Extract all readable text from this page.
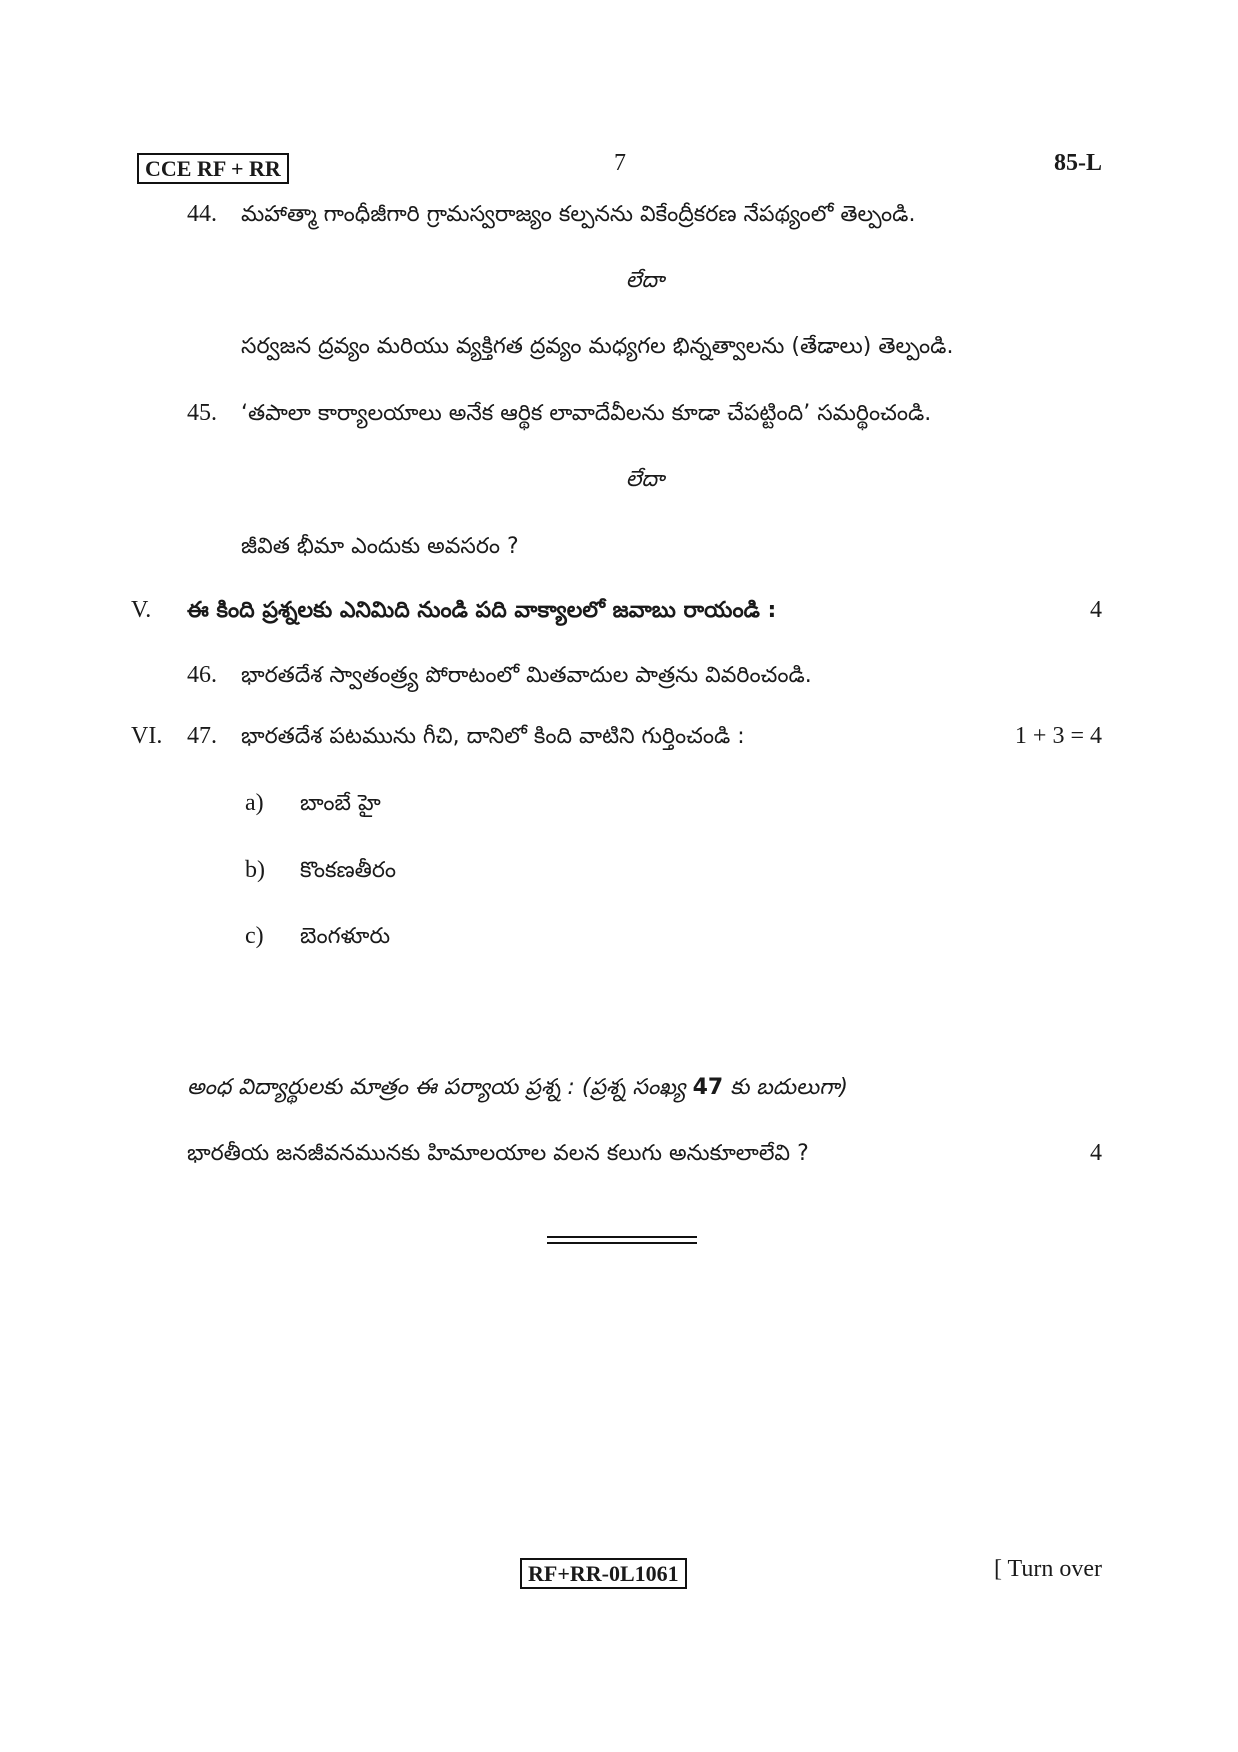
CCE RF + RR	7	85-L
44. మహాత్మా గాంధీజీగారి గ్రామస్వరాజ్యం కల్పనను వికేంద్రీకరణ నేపథ్యంలో తెల్పండి.
లేదా
సర్వజన ద్రవ్యం మరియు వ్యక్తిగత ద్రవ్యం మధ్యగల భిన్నత్వాలను (తేడాలు) తెల్పండి.
45. ‘తపాలా కార్యాలయాలు అనేక ఆర్థిక లావాదేవీలను కూడా చేపట్టింది’ సమర్థించండి.
లేదా
జీవిత భీమా ఎందుకు అవసరం ?
V. ఈ కింది ప్రశ్నలకు ఎనిమిది నుండి పది వాక్యాలలో జవాబు రాయండి :	4
46. భారతదేశ స్వాతంత్ర్య పోరాటంలో మితవాదుల పాత్రను వివరించండి.
VI. 47. భారతదేశ పటమును గీచి, దానిలో కింది వాటిని గుర్తించండి :	1 + 3 = 4
a) బాంబే హై
b) కొంకణతీరం
c) బెంగళూరు
అంధ విద్యార్థులకు మాత్రం ఈ పర్యాయ ప్రశ్న : (ప్రశ్న సంఖ్య 47 కు బదులుగా)
భారతీయ జనజీవనమునకు హిమాలయాల వలన కలుగు అనుకూలాలేవి ?	4
RF+RR-0L1061	[ Turn over
